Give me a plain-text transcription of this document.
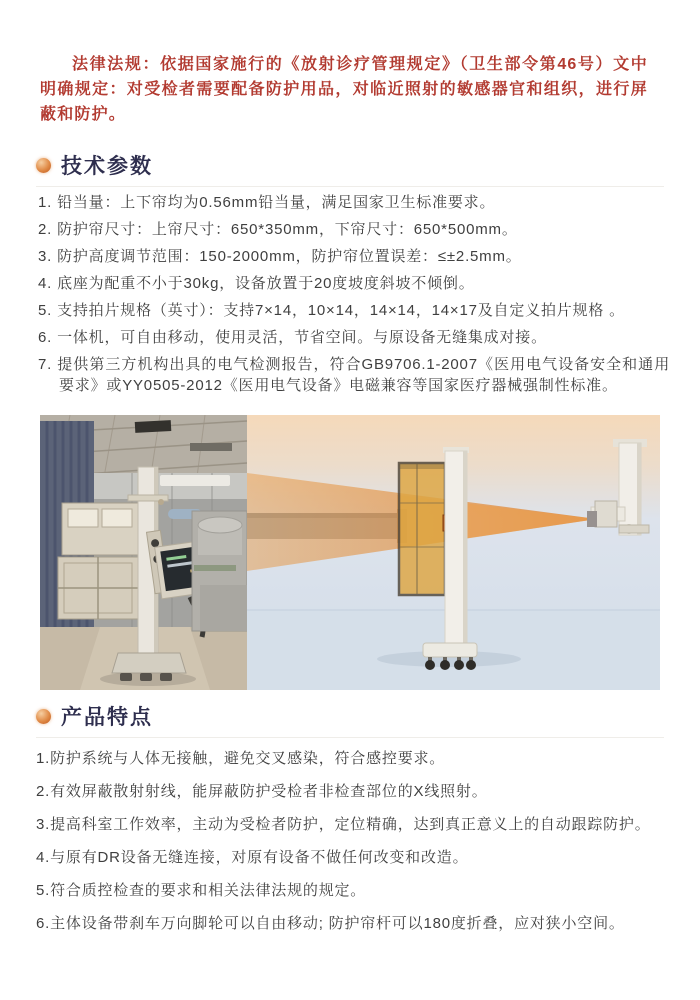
法律法规：依据国家施行的《放射诊疗管理规定》（卫生部令第46号）文中明确规定：对受检者需要配备防护用品，对临近照射的敏感器官和组织，进行屏蔽和防护。
技术参数
1. 铅当量：上下帘均为0.56mm铅当量，满足国家卫生标准要求。
2. 防护帘尺寸：上帘尺寸：650*350mm，下帘尺寸：650*500mm。
3. 防护高度调节范围：150-2000mm，防护帘位置误差：≤±2.5mm。
4. 底座为配重不小于30kg，设备放置于20度坡度斜坡不倾倒。
5. 支持拍片规格（英寸）：支持7×14，10×14，14×14，14×17及自定义拍片规格 。
6. 一体机，可自由移动，使用灵活，节省空间。与原设备无缝集成对接。
7. 提供第三方机构出具的电气检测报告，符合GB9706.1-2007《医用电气设备安全和通用要求》或YY0505-2012《医用电气设备》电磁兼容等国家医疗器械强制性标准。
产品特点
1.防护系统与人体无接触，避免交叉感染，符合感控要求。
2.有效屏蔽散射射线，能屏蔽防护受检者非检查部位的X线照射。
3.提高科室工作效率，主动为受检者防护，定位精确，达到真正意义上的自动跟踪防护。
4.与原有DR设备无缝连接，对原有设备不做任何改变和改造。
5.符合质控检查的要求和相关法律法规的规定。
6.主体设备带刹车万向脚轮可以自由移动; 防护帘杆可以180度折叠，应对狭小空间。
